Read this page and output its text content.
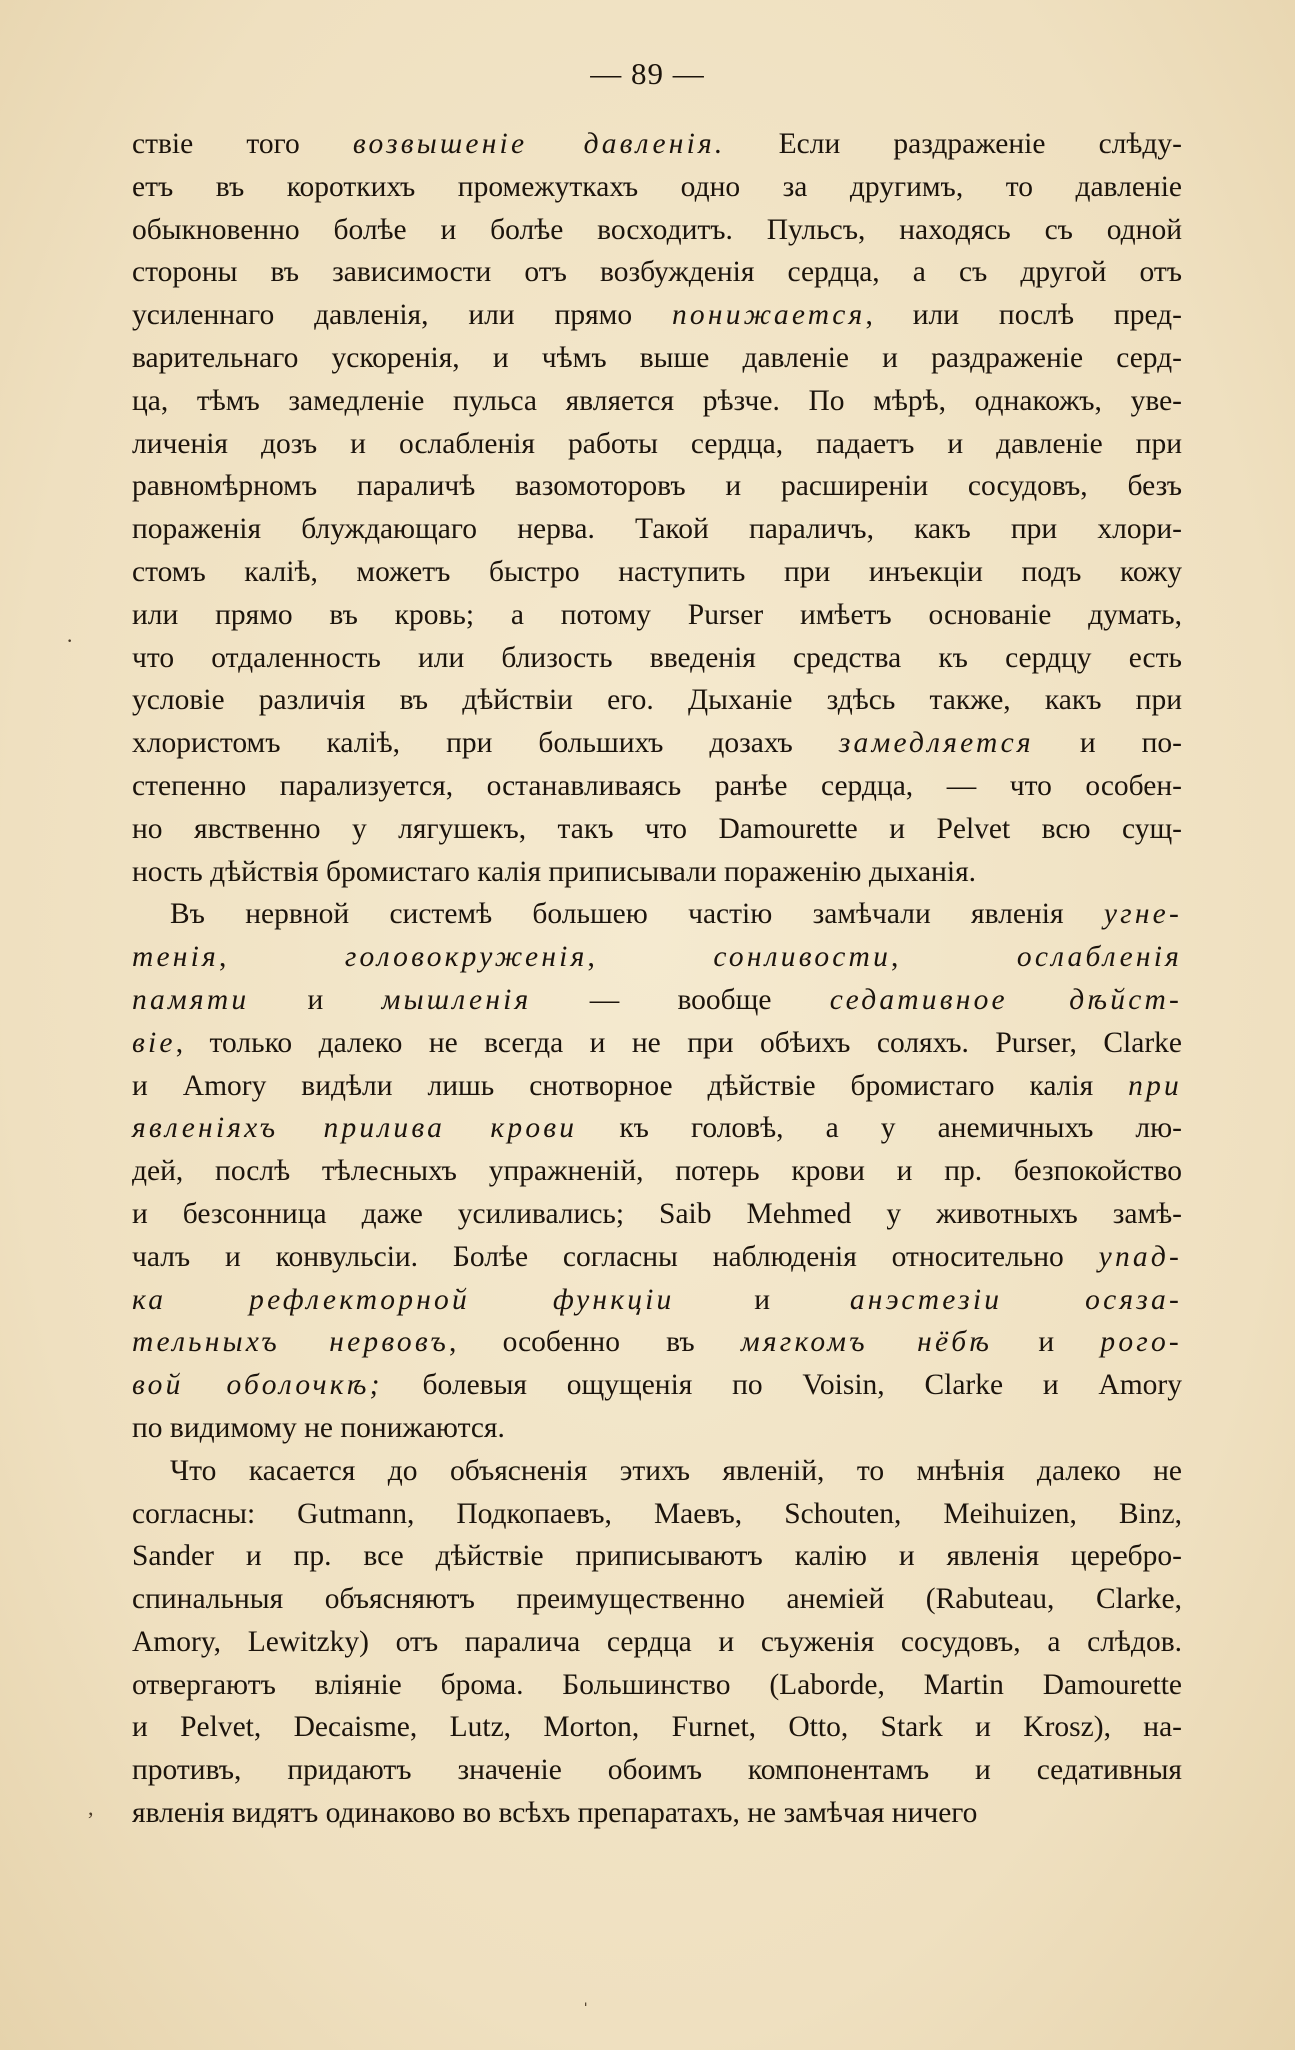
— 89 —
ствіе того возвышеніе давленія. Если раздраженіе слѣду-
етъ въ короткихъ промежуткахъ одно за другимъ, то давленіе
обыкновенно болѣе и болѣе восходитъ. Пульсъ, находясь съ одной
стороны въ зависимости отъ возбужденія сердца, а съ другой отъ
усиленнаго давленія, или прямо понижается, или послѣ пред-
варительнаго ускоренія, и чѣмъ выше давленіе и раздраженіе серд-
ца, тѣмъ замедленіе пульса является рѣзче. По мѣрѣ, однакожъ, уве-
личенія дозъ и ослабленія работы сердца, падаетъ и давленіе при
равномѣрномъ параличѣ вазомоторовъ и расширеніи сосудовъ, безъ
пораженія блуждающаго нерва. Такой параличъ, какъ при хлори-
стомъ каліѣ, можетъ быстро наступить при инъекціи подъ кожу
или прямо въ кровь; а потому Purser имѣетъ основаніе думать,
что отдаленность или близость введенія средства къ сердцу есть
условіе различія въ дѣйствіи его. Дыханіе здѣсь также, какъ при
хлористомъ каліѣ, при большихъ дозахъ замедляется и по-
степенно парализуется, останавливаясь ранѣе сердца, — что особен-
но явственно у лягушекъ, такъ что Damourette и Pelvet всю сущ-
ность дѣйствія бромистаго калія приписывали пораженію дыханія.
Въ нервной системѣ большею частію замѣчали явленія угне-
тенія, головокруженія, сонливости, ослабленія
памяти и мышленія — вообще седативное дѣйст-
віе, только далеко не всегда и не при обѣихъ соляхъ. Purser, Clarke
и Amory видѣли лишь снотворное дѣйствіе бромистаго калія при
явленіяхъ прилива крови къ головѣ, а у анемичныхъ лю-
дей, послѣ тѣлесныхъ упражненій, потерь крови и пр. безпокойство
и безсонница даже усиливались; Saib Mehmed у животныхъ замѣ-
чалъ и конвульсіи. Болѣе согласны наблюденія относительно упад-
ка рефлекторной функціи и анэстезіи осяза-
тельныхъ нервовъ, особенно въ мягкомъ нёбѣ и рого-
вой оболочкѣ; болевыя ощущенія по Voisin, Clarke и Amory
по видимому не понижаются.
Что касается до объясненія этихъ явленій, то мнѣнія далеко не
согласны: Gutmann, Подкопаевъ, Маевъ, Schouten, Meihuizen, Binz,
Sander и пр. все дѣйствіе приписываютъ калію и явленія церебро-
спинальныя объясняютъ преимущественно анеміей (Rabuteau, Clarke,
Amory, Lewitzky) отъ паралича сердца и съуженія сосудовъ, а слѣдов.
отвергаютъ вліяніе брома. Большинство (Laborde, Martin Damourette
и Pelvet, Decaisme, Lutz, Morton, Furnet, Otto, Stark и Krosz), на-
противъ, придаютъ значеніе обоимъ компонентамъ и седативныя
явленія видятъ одинаково во всѣхъ препаратахъ, не замѣчая ничего
·
,
ˈ
